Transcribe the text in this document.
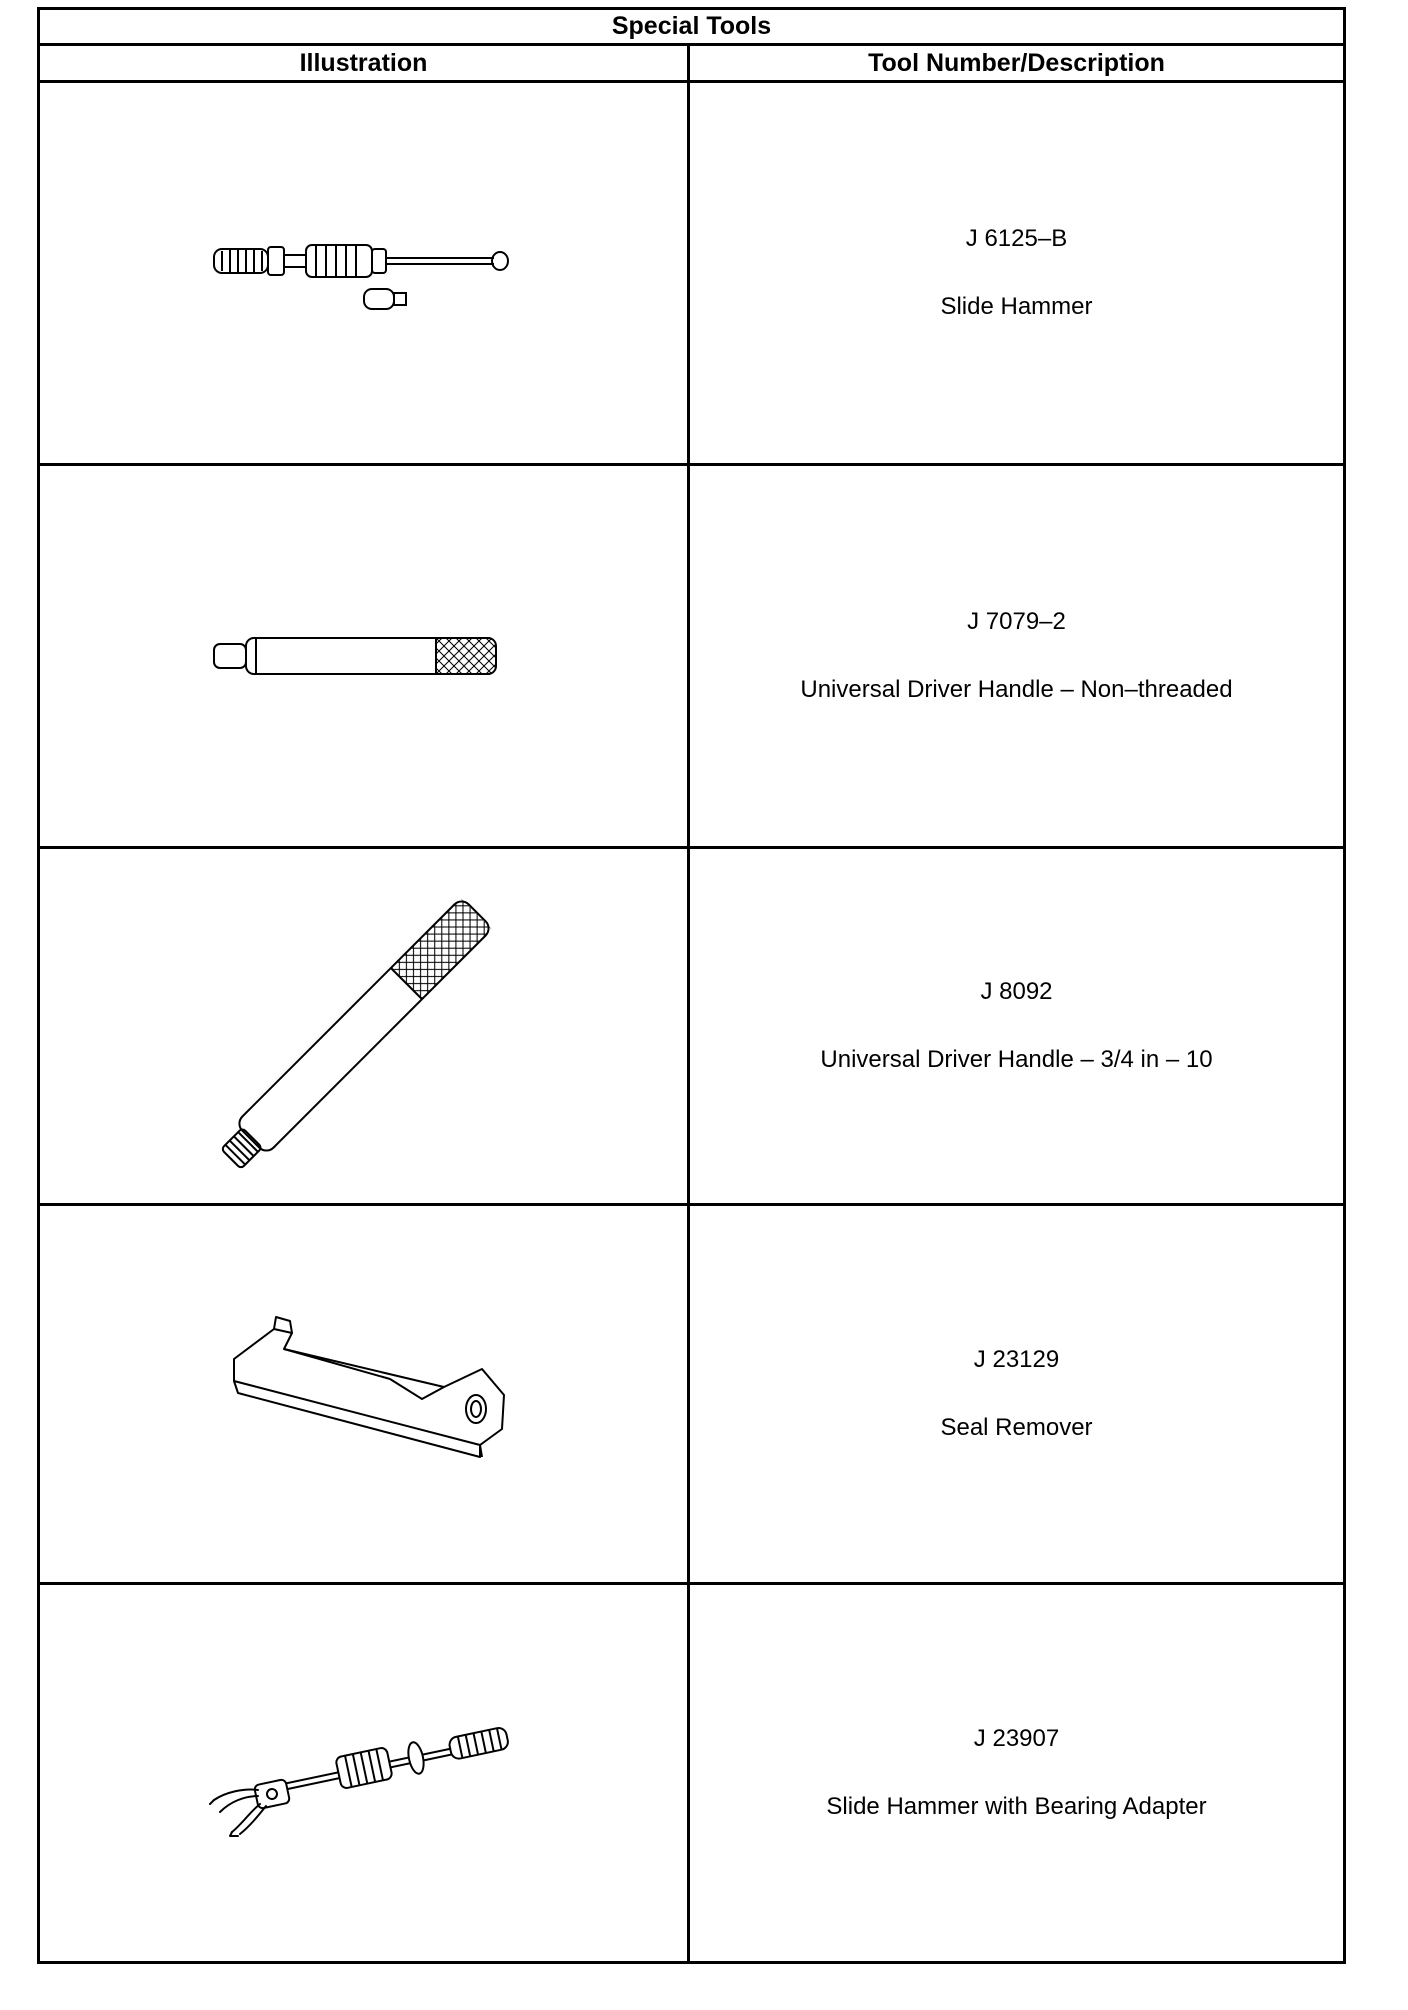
Special Tools	
Illustration	Tool Number/Description

J 6125–B
Slide Hammer

J 7079–2
Universal Driver Handle – Non–threaded

J 8092
Universal Driver Handle – 3/4 in – 10

J 23129
Seal Remover

J 23907
Slide Hammer with Bearing Adapter
